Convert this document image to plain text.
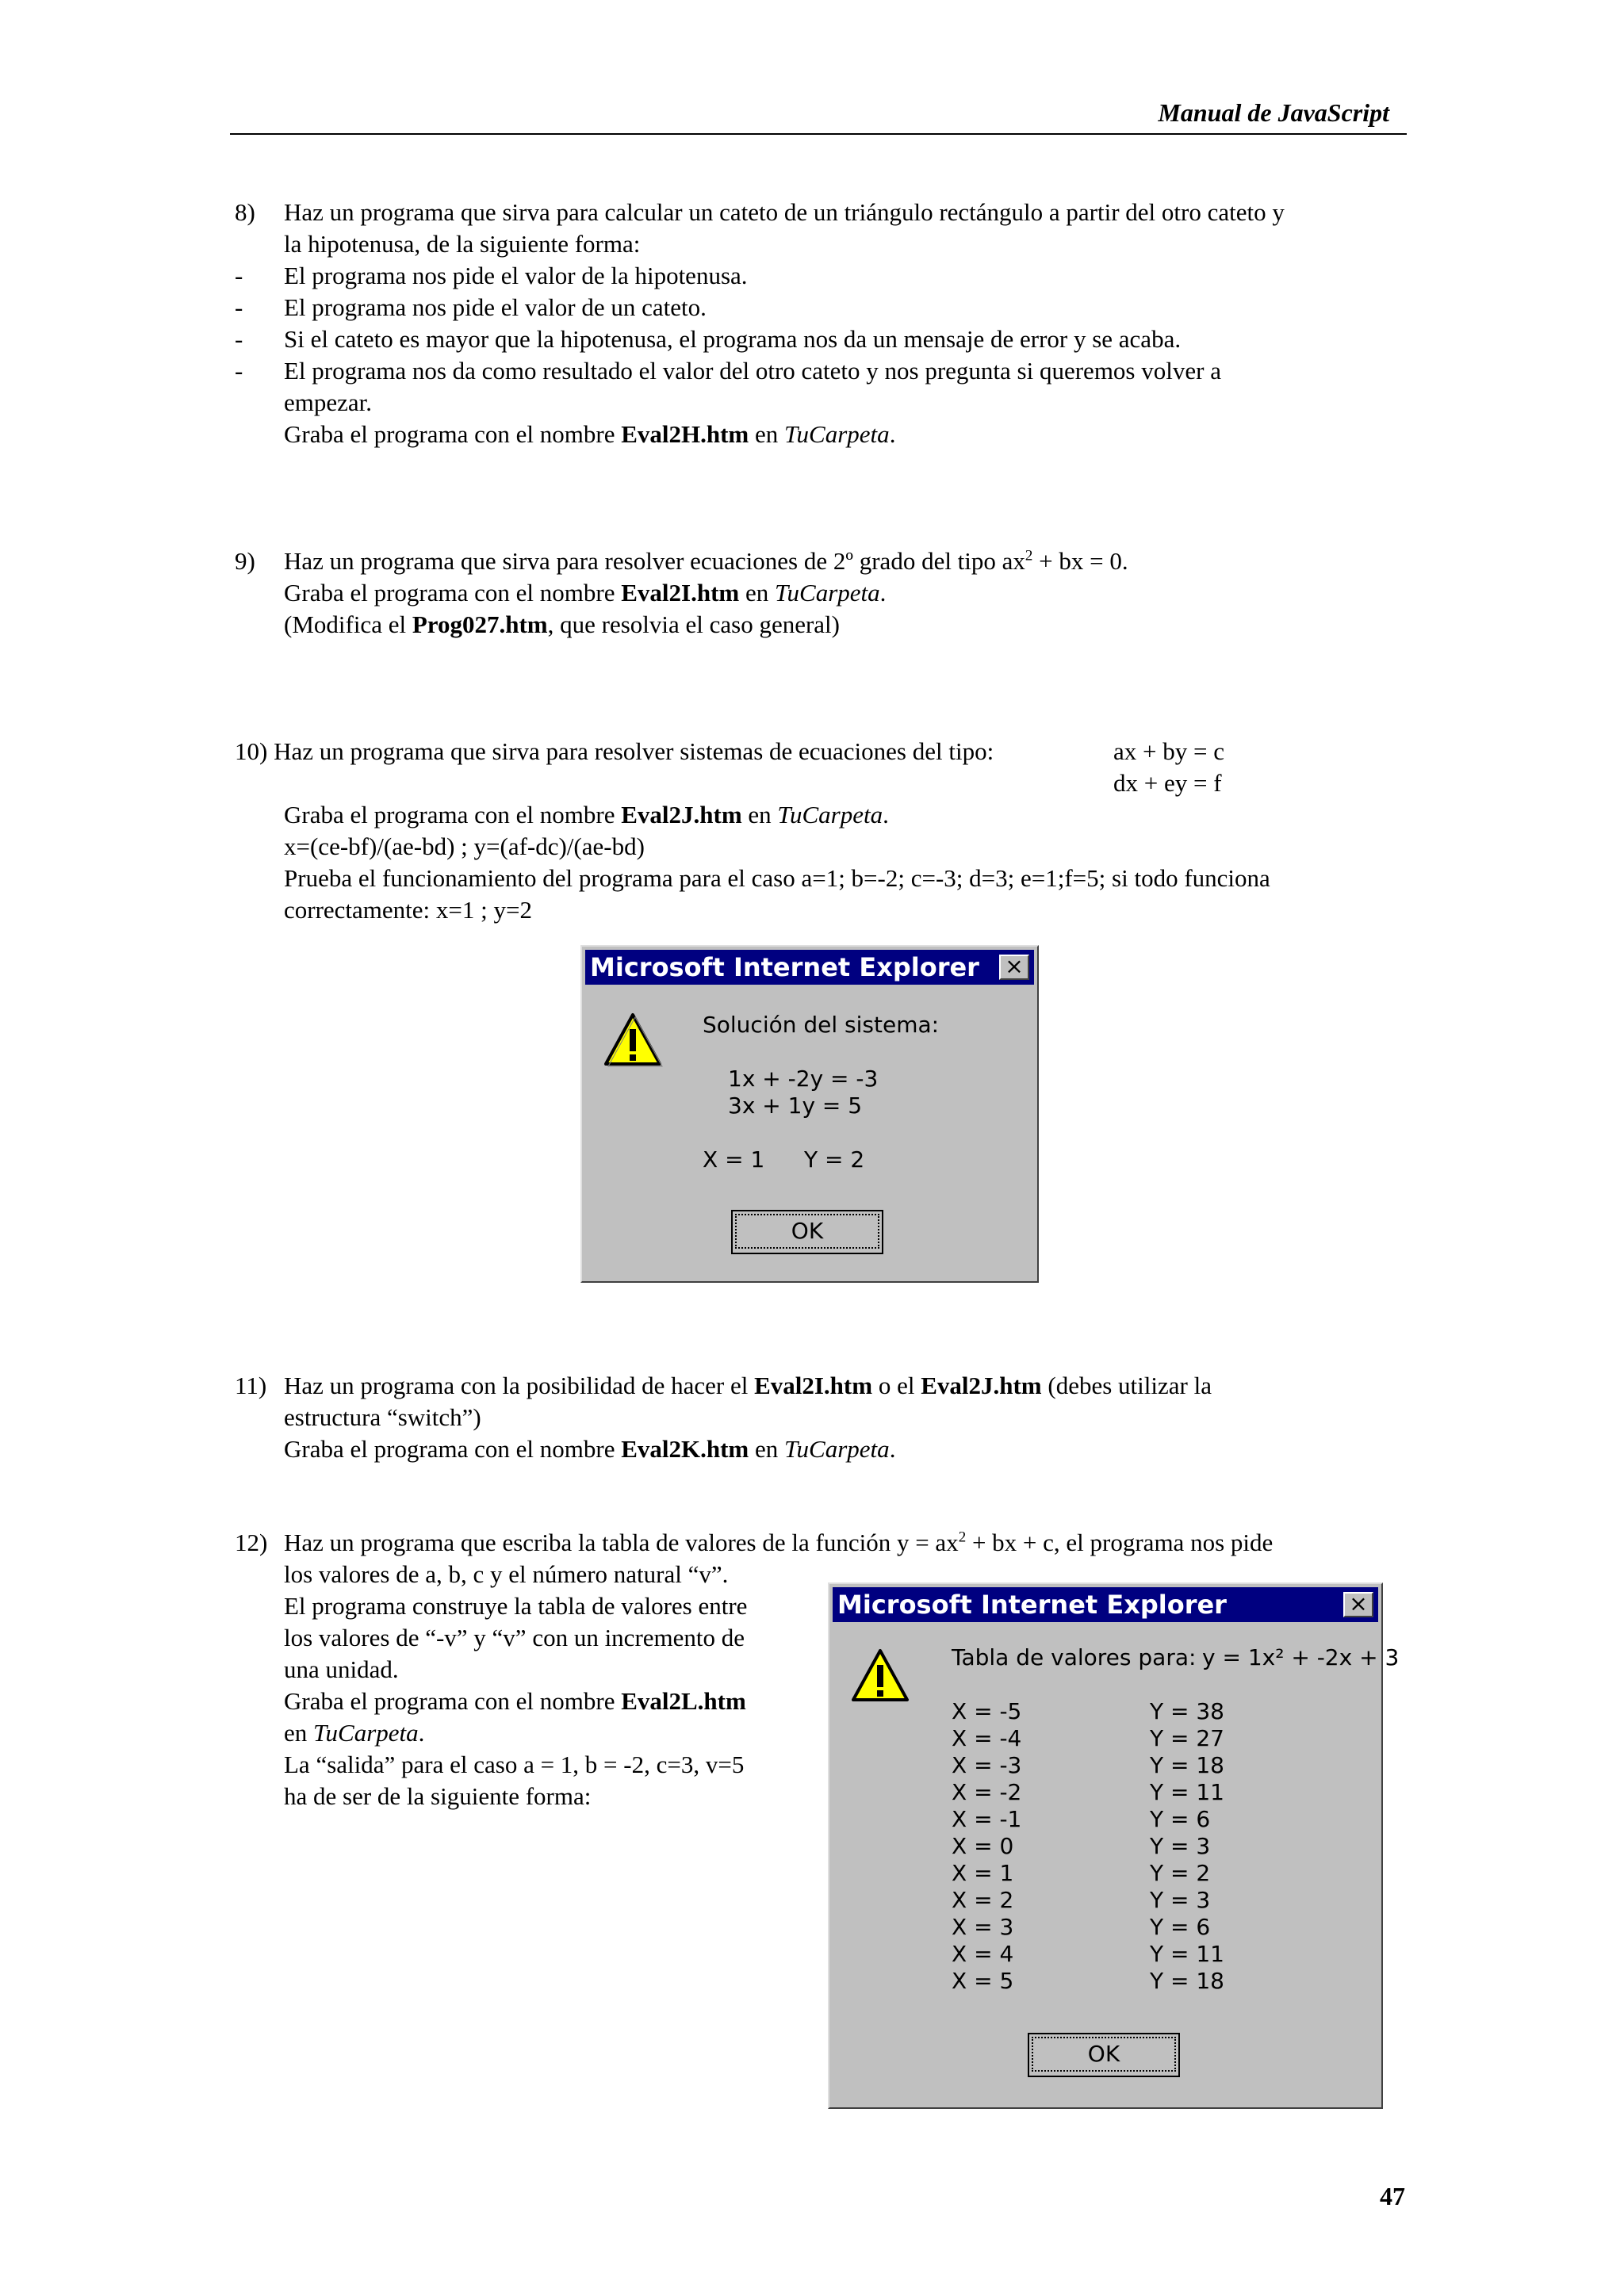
Manual de JavaScript
8) Haz un programa que sirva para calcular un cateto de un triángulo rectángulo a partir del otro cateto y
la hipotenusa, de la siguiente forma:
- El programa nos pide el valor de la hipotenusa.
- El programa nos pide el valor de un cateto.
- Si el cateto es mayor que la hipotenusa, el programa nos da un mensaje de error y se acaba.
- El programa nos da como resultado el valor del otro cateto y nos pregunta si queremos volver a
empezar.
Graba el programa con el nombre Eval2H.htm en TuCarpeta.
9) Haz un programa que sirva para resolver ecuaciones de 2º grado del tipo $ax^2$ + bx = 0.
Graba el programa con el nombre Eval2I.htm en TuCarpeta.
(Modifica el Prog027.htm, que resolvia el caso general)
10) Haz un programa que sirva para resolver sistemas de ecuaciones del tipo:	ax + by = c
dx + ey = f
Graba el programa con el nombre Eval2J.htm en TuCarpeta.
x=(ce-bf)/(ae-bd) ; y=(af-dc)/(ae-bd)
Prueba el funcionamiento del programa para el caso a=1; b=-2; c=-3; d=3; e=1;f=5; si todo funciona
correctamente: x=1 ; y=2
Microsoft Internet Explorer ×
Solución del sistema:
1x + -2y = -3
3x + 1y = 5
X = 1 Y = 2
OK
11) Haz un programa con la posibilidad de hacer el Eval2I.htm o el Eval2J.htm (debes utilizar la
estructura “switch”)
Graba el programa con el nombre Eval2K.htm en TuCarpeta.
12) Haz un programa que escriba la tabla de valores de la función $y = ax^2$ + bx + c, el programa nos pide
los valores de a, b, c y el número natural “v”.
El programa construye la tabla de valores entre
los valores de “-v” y “v” con un incremento de
una unidad.
Graba el programa con el nombre Eval2L.htm
en TuCarpeta.
La “salida” para el caso a = 1, b = -2, c=3, v=5
ha de ser de la siguiente forma:
Microsoft Internet Explorer	×
Tabla de valores para: y = 1x² + -2x + 3
X = -5
X = -4
X = -3
X = -2
X = -1
X = 0
X = 1
X = 2
X = 3
X = 4
X = 5
Y = 38
Y = 27
Y = 18
Y = 11
Y = 6
Y = 3
Y = 2
Y = 3
Y = 6
Y = 11
Y = 18
OK
47
